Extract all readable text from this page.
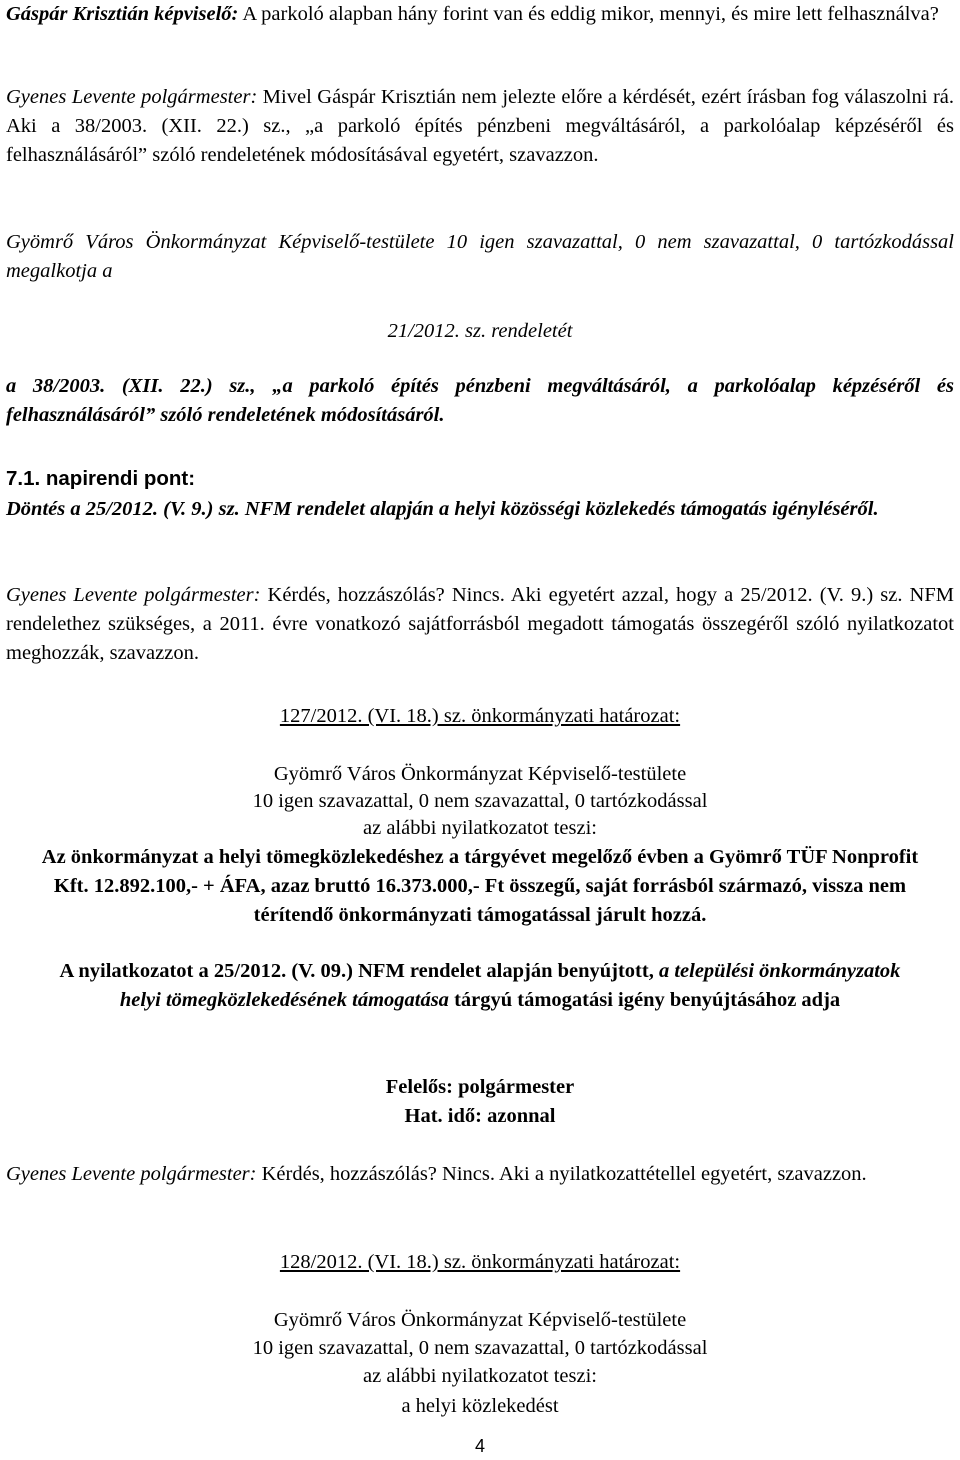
Gáspár Krisztián képviselő: A parkoló alapban hány forint van és eddig mikor, mennyi, és mire lett felhasználva?

Gyenes Levente polgármester: Mivel Gáspár Krisztián nem jelezte előre a kérdését, ezért írásban fog válaszolni rá. Aki a 38/2003. (XII. 22.) sz., „a parkoló építés pénzbeni megváltásáról, a parkolóalap képzéséről és felhasználásáról” szóló rendeletének módosításával egyetért, szavazzon.

Gyömrő Város Önkormányzat Képviselő-testülete 10 igen szavazattal, 0 nem szavazattal, 0 tartózkodással megalkotja a

21/2012. sz. rendeletét

a 38/2003. (XII. 22.) sz., „a parkoló építés pénzbeni megváltásáról, a parkolóalap képzéséről és felhasználásáról” szóló rendeletének módosításáról.

7.1. napirendi pont:

Döntés a 25/2012. (V. 9.) sz. NFM rendelet alapján a helyi közösségi közlekedés támogatás igényléséről.

Gyenes Levente polgármester: Kérdés, hozzászólás? Nincs. Aki egyetért azzal, hogy a 25/2012. (V. 9.) sz. NFM rendelethez szükséges, a 2011. évre vonatkozó sajátforrásból megadott támogatás összegéről szóló nyilatkozatot meghozzák, szavazzon.

127/2012. (VI. 18.) sz. önkormányzati határozat:

Gyömrő Város Önkormányzat Képviselő-testülete

10 igen szavazattal, 0 nem szavazattal, 0 tartózkodással

az alábbi nyilatkozatot teszi:

Az önkormányzat a helyi tömegközlekedéshez a tárgyévet megelőző évben a Gyömrő TÜF Nonprofit Kft. 12.892.100,- + ÁFA, azaz bruttó 16.373.000,- Ft összegű, saját forrásból származó, vissza nem térítendő önkormányzati támogatással járult hozzá.

A nyilatkozatot a 25/2012. (V. 09.) NFM rendelet alapján benyújtott, a települési önkormányzatok helyi tömegközlekedésének támogatása tárgyú támogatási igény benyújtásához adja

Felelős: polgármester

Hat. idő: azonnal

Gyenes Levente polgármester: Kérdés, hozzászólás? Nincs. Aki a nyilatkozattétellel egyetért, szavazzon.

128/2012. (VI. 18.) sz. önkormányzati határozat:

Gyömrő Város Önkormányzat Képviselő-testülete

10 igen szavazattal, 0 nem szavazattal, 0 tartózkodással

az alábbi nyilatkozatot teszi:

a helyi közlekedést

4
